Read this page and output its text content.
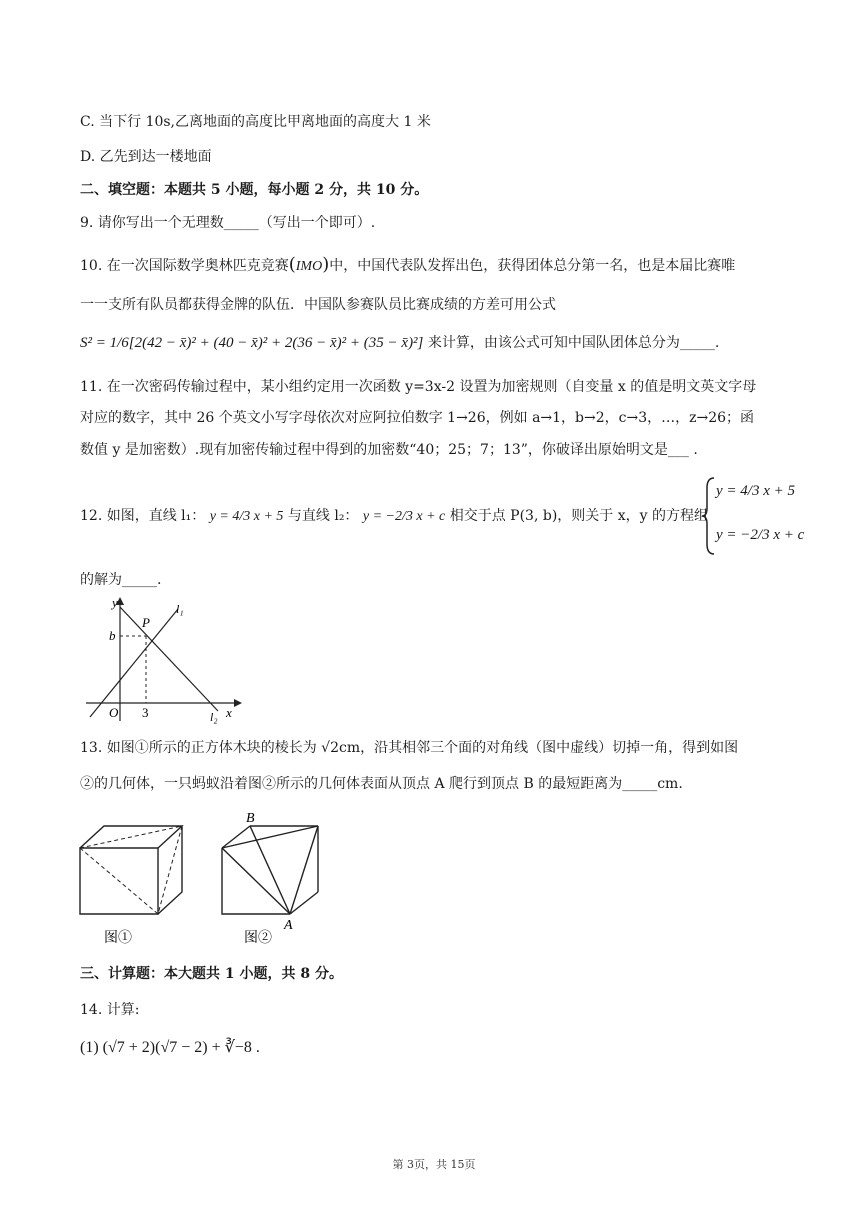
C. 当下行 10s,乙离地面的高度比甲离地面的高度大 1 米
D. 乙先到达一楼地面
二、填空题：本题共 5 小题，每小题 2 分，共 10 分。
9. 请你写出一个无理数_____（写出一个即可）.
10. 在一次国际数学奥林匹克竞赛(IMO)中，中国代表队发挥出色，获得团体总分第一名，也是本届比赛唯
一一支所有队员都获得金牌的队伍．中国队参赛队员比赛成绩的方差可用公式
S² = 1/6[2(42 − x̄)² + (40 − x̄)² + 2(36 − x̄)² + (35 − x̄)²] 来计算，由该公式可知中国队团体总分为_____.
11. 在一次密码传输过程中，某小组约定用一次函数 y=3x-2 设置为加密规则（自变量 x 的值是明文英文字母
对应的数字，其中 26 个英文小写字母依次对应阿拉伯数字 1→26，例如 a→1，b→2，c→3，…，z→26；函
数值 y 是加密数）.现有加密传输过程中得到的加密数“40；25；7；13”，你破译出原始明文是___ .
12. 如图，直线 l₁： y = 4/3 x + 5 与直线 l₂： y = −2/3 x + c 相交于点 P(3, b)，则关于 x，y 的方程组
y = 4/3 x + 5
y = −2/3 x + c
的解为_____.
y
x
O
b
3
P
l₁
l₂
13. 如图①所示的正方体木块的棱长为 √2cm，沿其相邻三个面的对角线（图中虚线）切掉一角，得到如图
②的几何体，一只蚂蚁沿着图②所示的几何体表面从顶点 A 爬行到顶点 B 的最短距离为_____cm.
图①
B
A
图②
三、计算题：本大题共 1 小题，共 8 分。
14. 计算:
(1) (√7 + 2)(√7 − 2) + ∛−8 .
第 3页，共 15页
